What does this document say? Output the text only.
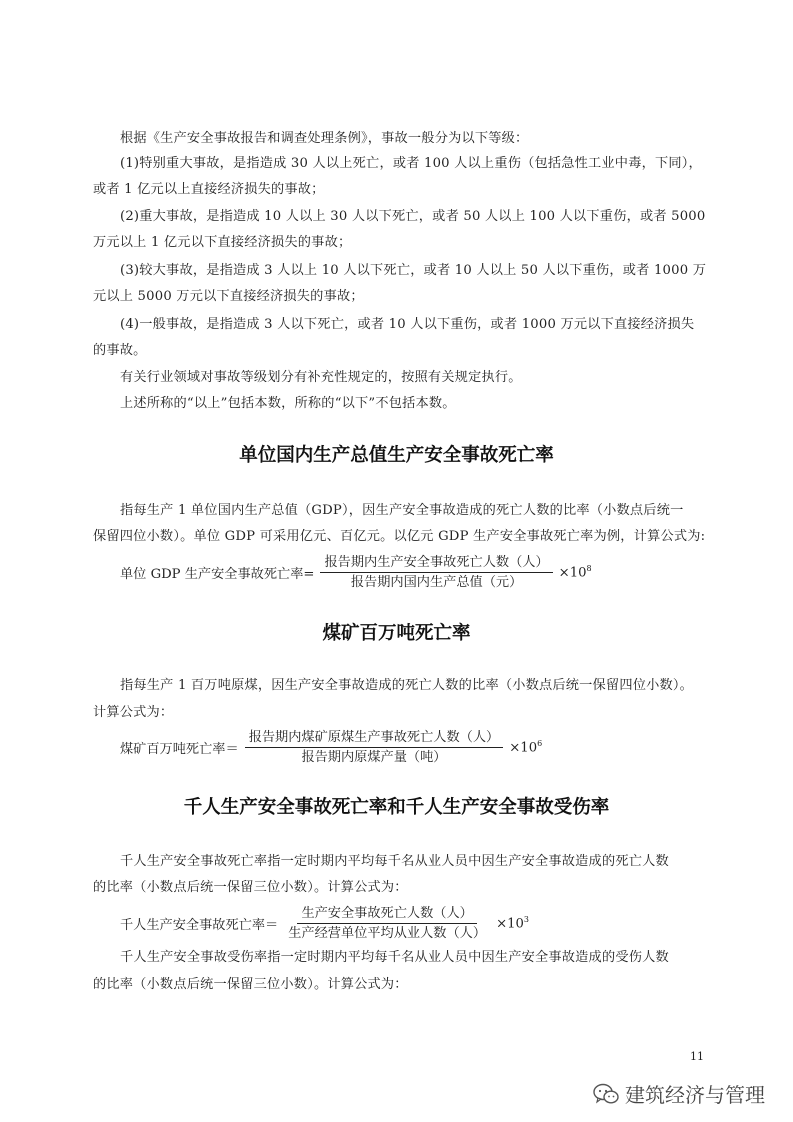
根据《生产安全事故报告和调查处理条例》，事故一般分为以下等级：
(1)特别重大事故，是指造成 30 人以上死亡，或者 100 人以上重伤（包括急性工业中毒，下同），
或者 1 亿元以上直接经济损失的事故；
(2)重大事故，是指造成 10 人以上 30 人以下死亡，或者 50 人以上 100 人以下重伤，或者 5000
万元以上 1 亿元以下直接经济损失的事故；
(3)较大事故，是指造成 3 人以上 10 人以下死亡，或者 10 人以上 50 人以下重伤，或者 1000 万
元以上 5000 万元以下直接经济损失的事故；
(4)一般事故，是指造成 3 人以下死亡，或者 10 人以下重伤，或者 1000 万元以下直接经济损失
的事故。
有关行业领域对事故等级划分有补充性规定的，按照有关规定执行。
上述所称的“以上”包括本数，所称的“以下”不包括本数。
单位国内生产总值生产安全事故死亡率
指每生产 1 单位国内生产总值（GDP），因生产安全事故造成的死亡人数的比率（小数点后统一
保留四位小数）。单位 GDP 可采用亿元、百亿元。以亿元 GDP 生产安全事故死亡率为例，计算公式为:
单位 GDP 生产安全事故死亡率= $\frac{\text{报告期内生产安全事故死亡人数（人）}}{\text{报告期内国内生产总值（元）}} \times 10^8$
煤矿百万吨死亡率
指每生产 1 百万吨原煤，因生产安全事故造成的死亡人数的比率（小数点后统一保留四位小数）。
计算公式为：
煤矿百万吨死亡率＝ $\frac{\text{报告期内煤矿原煤生产事故死亡人数（人）}}{\text{报告期内原煤产量（吨）}} \times 10^6$
千人生产安全事故死亡率和千人生产安全事故受伤率
千人生产安全事故死亡率指一定时期内平均每千名从业人员中因生产安全事故造成的死亡人数
的比率（小数点后统一保留三位小数）。计算公式为：
千人生产安全事故死亡率＝ $\frac{\text{生产安全事故死亡人数（人）}}{\text{生产经营单位平均从业人数（人）}} \times 10^3$
千人生产安全事故受伤率指一定时期内平均每千名从业人员中因生产安全事故造成的受伤人数
的比率（小数点后统一保留三位小数）。计算公式为：
11
建筑经济与管理
